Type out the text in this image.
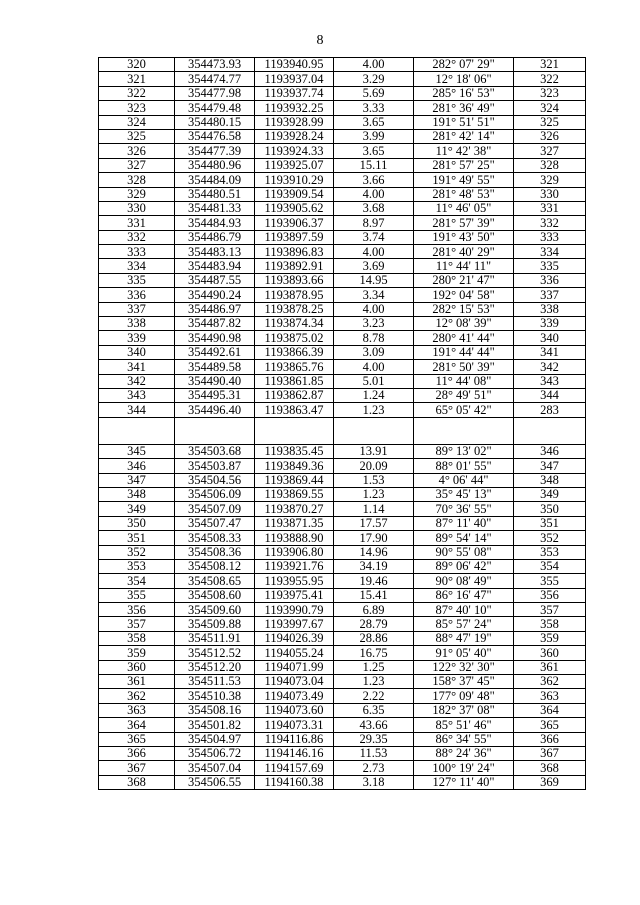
8
320	354473.93	1193940.95	4.00	282° 07' 29"	321
321	354474.77	1193937.04	3.29	12° 18' 06"	322
322	354477.98	1193937.74	5.69	285° 16' 53"	323
323	354479.48	1193932.25	3.33	281° 36' 49"	324
324	354480.15	1193928.99	3.65	191° 51' 51"	325
325	354476.58	1193928.24	3.99	281° 42' 14"	326
326	354477.39	1193924.33	3.65	11° 42' 38"	327
327	354480.96	1193925.07	15.11	281° 57' 25"	328
328	354484.09	1193910.29	3.66	191° 49' 55"	329
329	354480.51	1193909.54	4.00	281° 48' 53"	330
330	354481.33	1193905.62	3.68	11° 46' 05"	331
331	354484.93	1193906.37	8.97	281° 57' 39"	332
332	354486.79	1193897.59	3.74	191° 43' 50"	333
333	354483.13	1193896.83	4.00	281° 40' 29"	334
334	354483.94	1193892.91	3.69	11° 44' 11"	335
335	354487.55	1193893.66	14.95	280° 21' 47"	336
336	354490.24	1193878.95	3.34	192° 04' 58"	337
337	354486.97	1193878.25	4.00	282° 15' 53"	338
338	354487.82	1193874.34	3.23	12° 08' 39"	339
339	354490.98	1193875.02	8.78	280° 41' 44"	340
340	354492.61	1193866.39	3.09	191° 44' 44"	341
341	354489.58	1193865.76	4.00	281° 50' 39"	342
342	354490.40	1193861.85	5.01	11° 44' 08"	343
343	354495.31	1193862.87	1.24	28° 49' 51"	344
344	354496.40	1193863.47	1.23	65° 05' 42"	283

345	354503.68	1193835.45	13.91	89° 13' 02"	346
346	354503.87	1193849.36	20.09	88° 01' 55"	347
347	354504.56	1193869.44	1.53	4° 06' 44"	348
348	354506.09	1193869.55	1.23	35° 45' 13"	349
349	354507.09	1193870.27	1.14	70° 36' 55"	350
350	354507.47	1193871.35	17.57	87° 11' 40"	351
351	354508.33	1193888.90	17.90	89° 54' 14"	352
352	354508.36	1193906.80	14.96	90° 55' 08"	353
353	354508.12	1193921.76	34.19	89° 06' 42"	354
354	354508.65	1193955.95	19.46	90° 08' 49"	355
355	354508.60	1193975.41	15.41	86° 16' 47"	356
356	354509.60	1193990.79	6.89	87° 40' 10"	357
357	354509.88	1193997.67	28.79	85° 57' 24"	358
358	354511.91	1194026.39	28.86	88° 47' 19"	359
359	354512.52	1194055.24	16.75	91° 05' 40"	360
360	354512.20	1194071.99	1.25	122° 32' 30"	361
361	354511.53	1194073.04	1.23	158° 37' 45"	362
362	354510.38	1194073.49	2.22	177° 09' 48"	363
363	354508.16	1194073.60	6.35	182° 37' 08"	364
364	354501.82	1194073.31	43.66	85° 51' 46"	365
365	354504.97	1194116.86	29.35	86° 34' 55"	366
366	354506.72	1194146.16	11.53	88° 24' 36"	367
367	354507.04	1194157.69	2.73	100° 19' 24"	368
368	354506.55	1194160.38	3.18	127° 11' 40"	369
